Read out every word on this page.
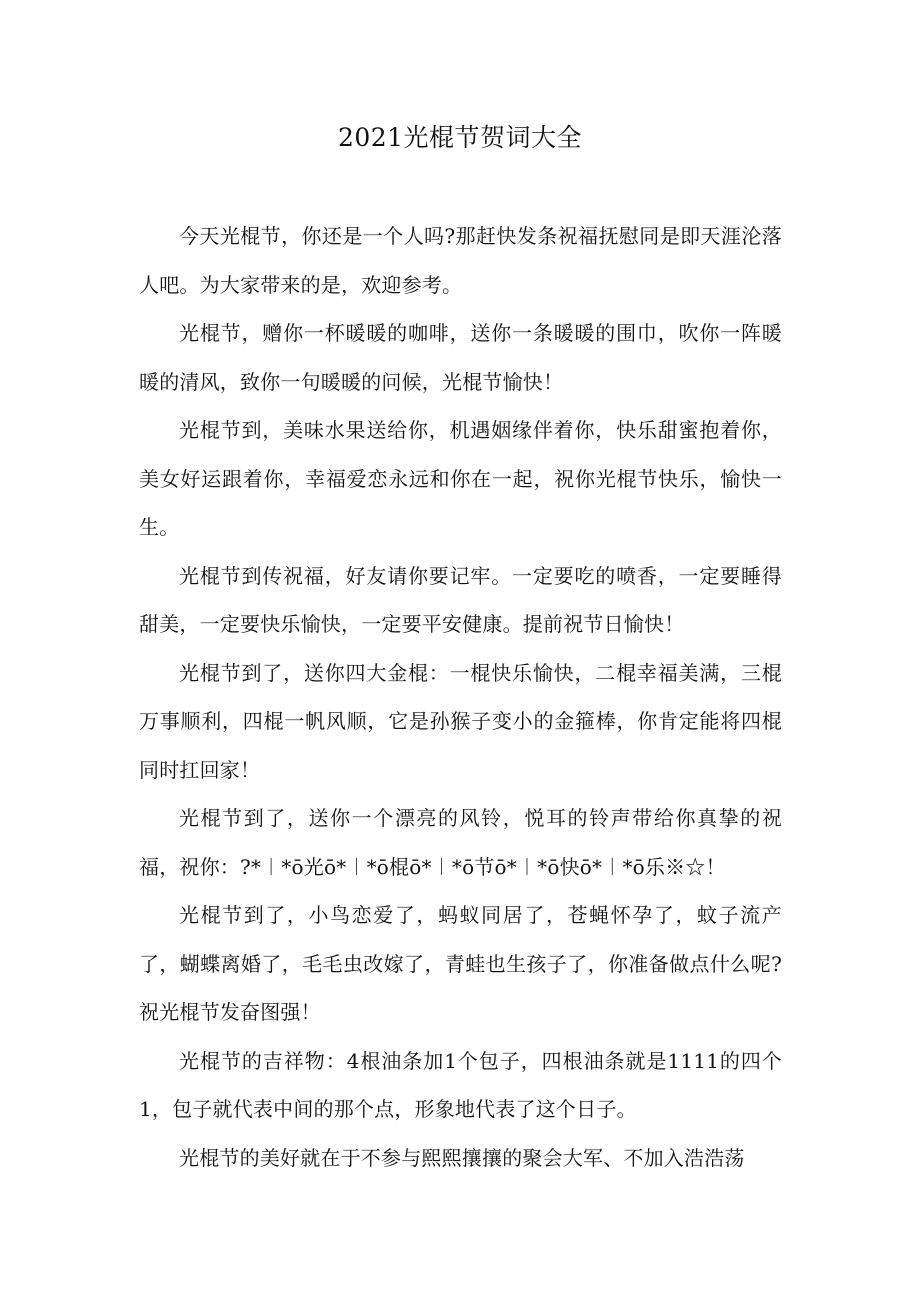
2021光棍节贺词大全

今天光棍节，你还是一个人吗?那赶快发条祝福抚慰同是即天涯沦落人吧。为大家带来的是，欢迎参考。

光棍节，赠你一杯暖暖的咖啡，送你一条暖暖的围巾，吹你一阵暖暖的清风，致你一句暖暖的问候，光棍节愉快！

光棍节到，美味水果送给你，机遇姻缘伴着你，快乐甜蜜抱着你，美女好运跟着你，幸福爱恋永远和你在一起，祝你光棍节快乐，愉快一生。

光棍节到传祝福，好友请你要记牢。一定要吃的喷香，一定要睡得甜美，一定要快乐愉快，一定要平安健康。提前祝节日愉快！

光棍节到了，送你四大金棍：一棍快乐愉快，二棍幸福美满，三棍万事顺利，四棍一帆风顺，它是孙猴子变小的金箍棒，你肯定能将四棍同时扛回家！

光棍节到了，送你一个漂亮的风铃，悦耳的铃声带给你真挚的祝福，祝你：?*︱*ō光ō*︱*ō棍ō*︱*ō节ō*︱*ō快ō*︱*ō乐※☆！

光棍节到了，小鸟恋爱了，蚂蚁同居了，苍蝇怀孕了，蚊子流产了，蝴蝶离婚了，毛毛虫改嫁了，青蛙也生孩子了，你准备做点什么呢?祝光棍节发奋图强！

光棍节的吉祥物：4根油条加1个包子，四根油条就是1111的四个1，包子就代表中间的那个点，形象地代表了这个日子。

光棍节的美好就在于不参与熙熙攘攘的聚会大军、不加入浩浩荡
